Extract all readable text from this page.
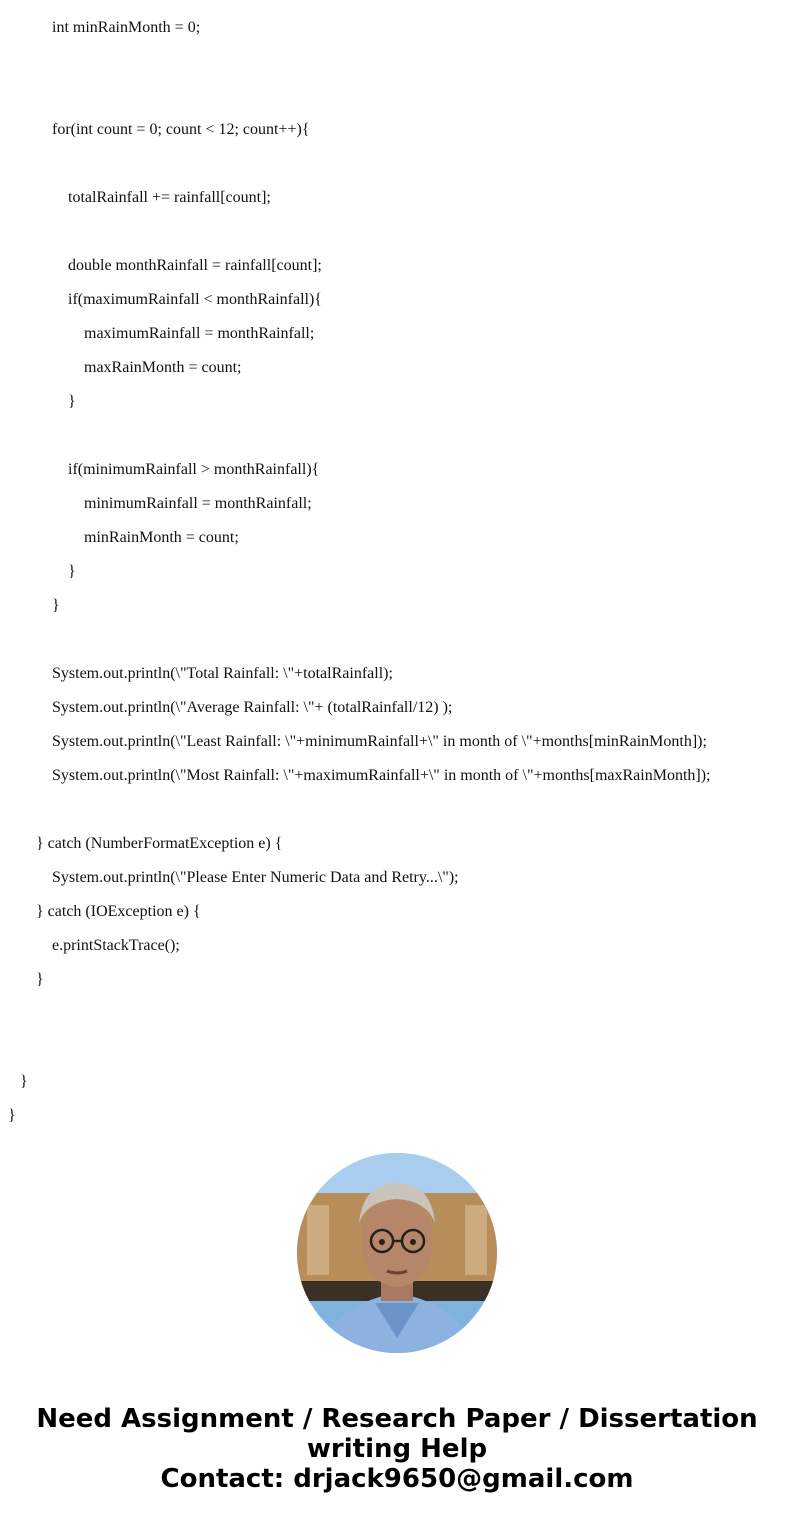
int minRainMonth = 0;
for(int count = 0; count < 12; count++){
totalRainfall += rainfall[count];
double monthRainfall = rainfall[count];
if(maximumRainfall < monthRainfall){
maximumRainfall = monthRainfall;
maxRainMonth = count;
}
if(minimumRainfall > monthRainfall){
minimumRainfall = monthRainfall;
minRainMonth = count;
}
}
System.out.println(\"Total Rainfall: \"+totalRainfall);
System.out.println(\"Average Rainfall: \"+ (totalRainfall/12) );
System.out.println(\"Least Rainfall: \"+minimumRainfall+\" in month of \"+months[minRainMonth]);
System.out.println(\"Most Rainfall: \"+maximumRainfall+\" in month of \"+months[maxRainMonth]);
} catch (NumberFormatException e) {
System.out.println(\"Please Enter Numeric Data and Retry...\");
} catch (IOException e) {
e.printStackTrace();
}
}
}
Need Assignment / Research Paper / Dissertation
writing Help
Contact: drjack9650@gmail.com
